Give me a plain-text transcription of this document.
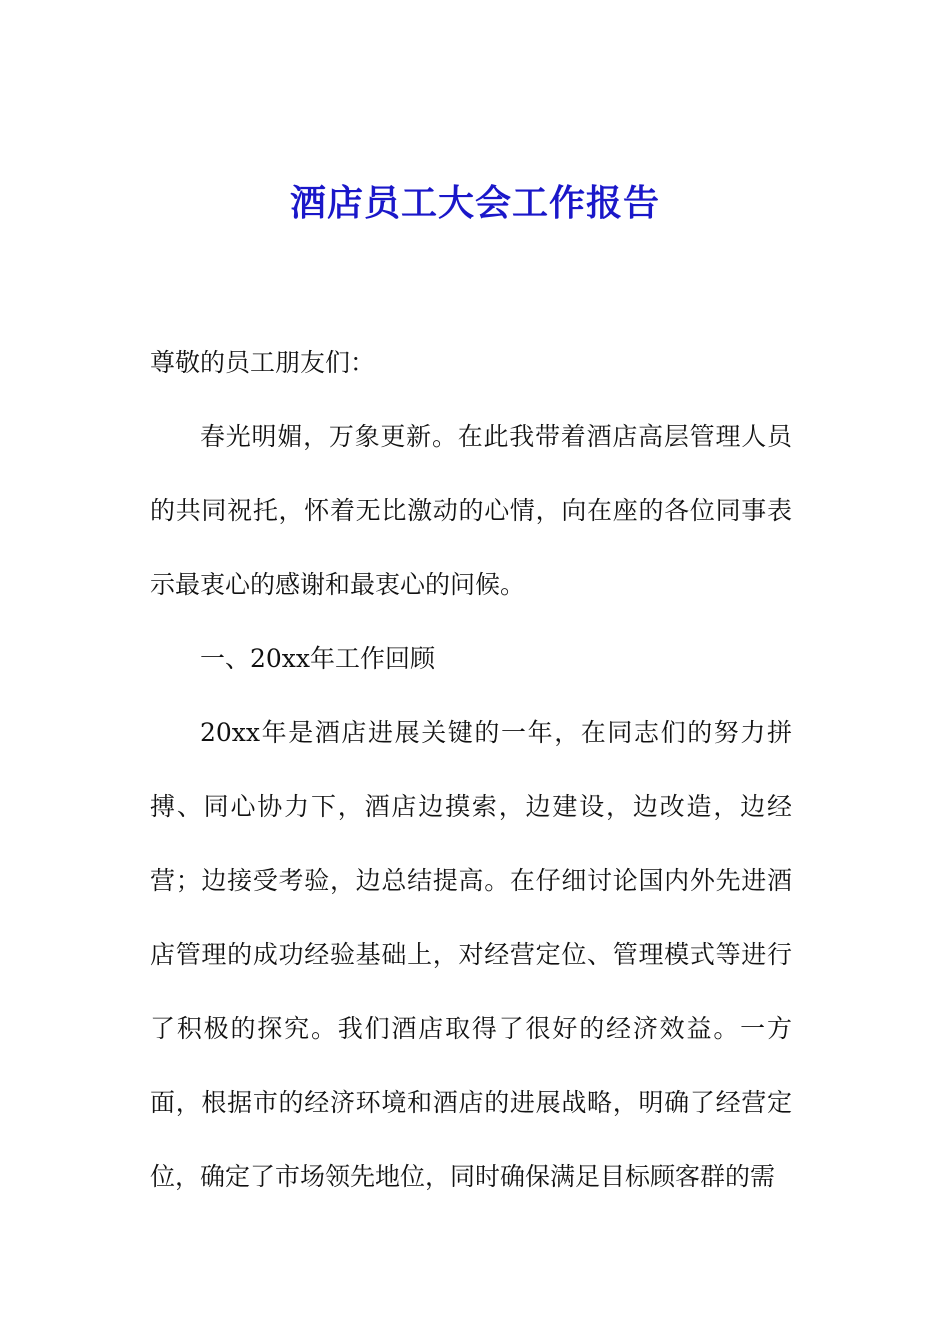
酒店员工大会工作报告

尊敬的员工朋友们：

春光明媚，万象更新。在此我带着酒店高层管理人员的共同祝托，怀着无比激动的心情，向在座的各位同事表示最衷心的感谢和最衷心的问候。

一、20xx年工作回顾

20xx年是酒店进展关键的一年，在同志们的努力拼搏、同心协力下，酒店边摸索，边建设，边改造，边经营；边接受考验，边总结提高。在仔细讨论国内外先进酒店管理的成功经验基础上，对经营定位、管理模式等进行了积极的探究。我们酒店取得了很好的经济效益。一方面，根据市的经济环境和酒店的进展战略，明确了经营定位，确定了市场领先地位，同时确保满足目标顾客群的需
